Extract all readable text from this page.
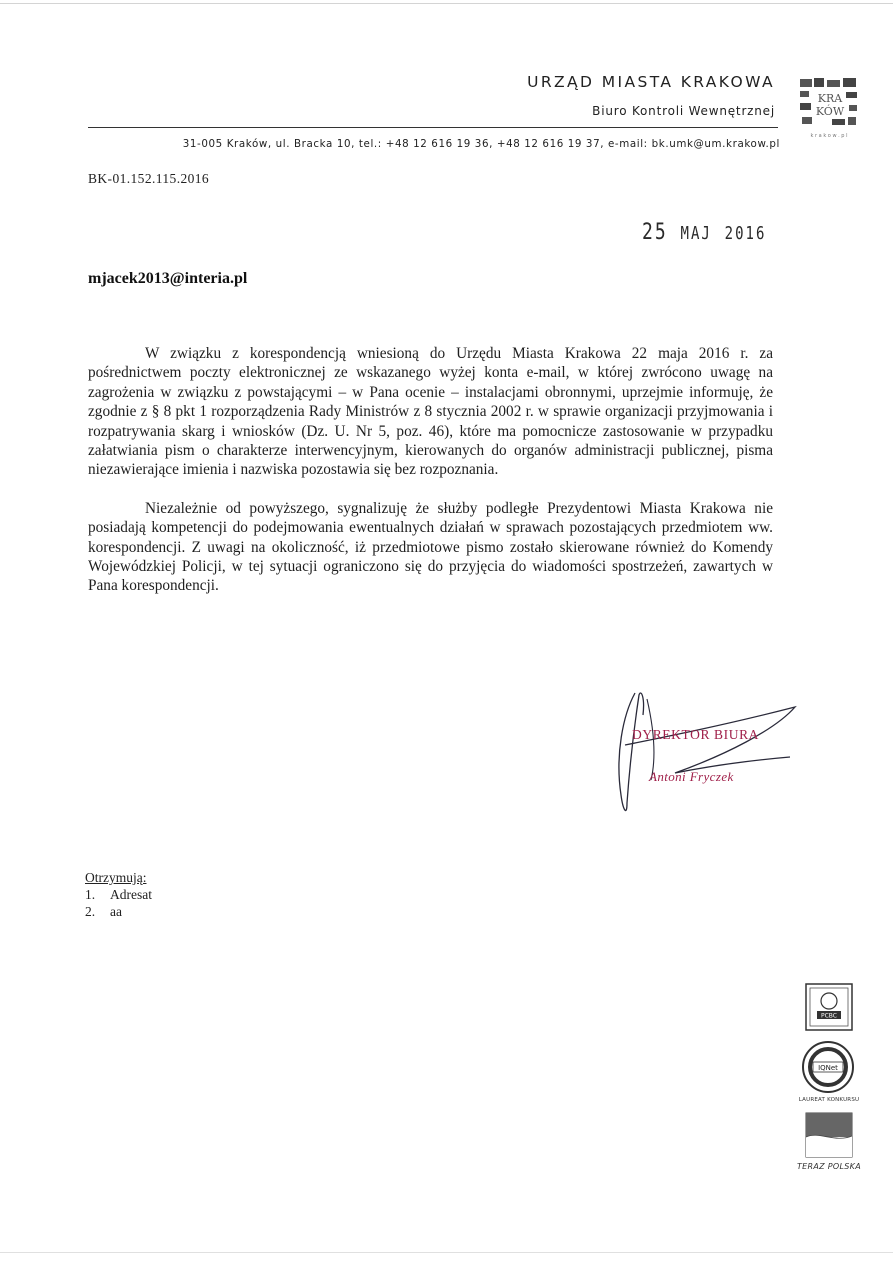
URZĄD MIASTA KRAKOWA
Biuro Kontroli Wewnętrznej
31-005 Kraków, ul. Bracka 10, tel.: +48 12 616 19 36, +48 12 616 19 37, e-mail: bk.umk@um.krakow.pl
KRA
KÓW
k r a k o w . p l
BK-01.152.115.2016
25 MAJ 2016
mjacek2013@interia.pl

W związku z korespondencją wniesioną do Urzędu Miasta Krakowa 22 maja 2016 r. za pośrednictwem poczty elektronicznej ze wskazanego wyżej konta e-mail, w której zwrócono uwagę na zagrożenia w związku z powstającymi – w Pana ocenie – instalacjami obronnymi, uprzejmie informuję, że zgodnie z § 8 pkt 1 rozporządzenia Rady Ministrów z 8 stycznia 2002 r. w sprawie organizacji przyjmowania i rozpatrywania skarg i wniosków (Dz. U. Nr 5, poz. 46), które ma pomocnicze zastosowanie w przypadku załatwiania pism o charakterze interwencyjnym, kierowanych do organów administracji publicznej, pisma niezawierające imienia i nazwiska pozostawia się bez rozpoznania.

Niezależnie od powyższego, sygnalizuję że służby podległe Prezydentowi Miasta Krakowa nie posiadają kompetencji do podejmowania ewentualnych działań w sprawach pozostających przedmiotem ww. korespondencji. Z uwagi na okoliczność, iż przedmiotowe pismo zostało skierowane również do Komendy Wojewódzkiej Policji, w tej sytuacji ograniczono się do przyjęcia do wiadomości spostrzeżeń, zawartych w Pana korespondencji.

DYREKTOR BIURA
Antoni Fryczek
Otrzymują:
1.	Adresat
2.	aa
PCBC
IQNet
LAUREAT KONKURSU
TERAZ POLSKA
